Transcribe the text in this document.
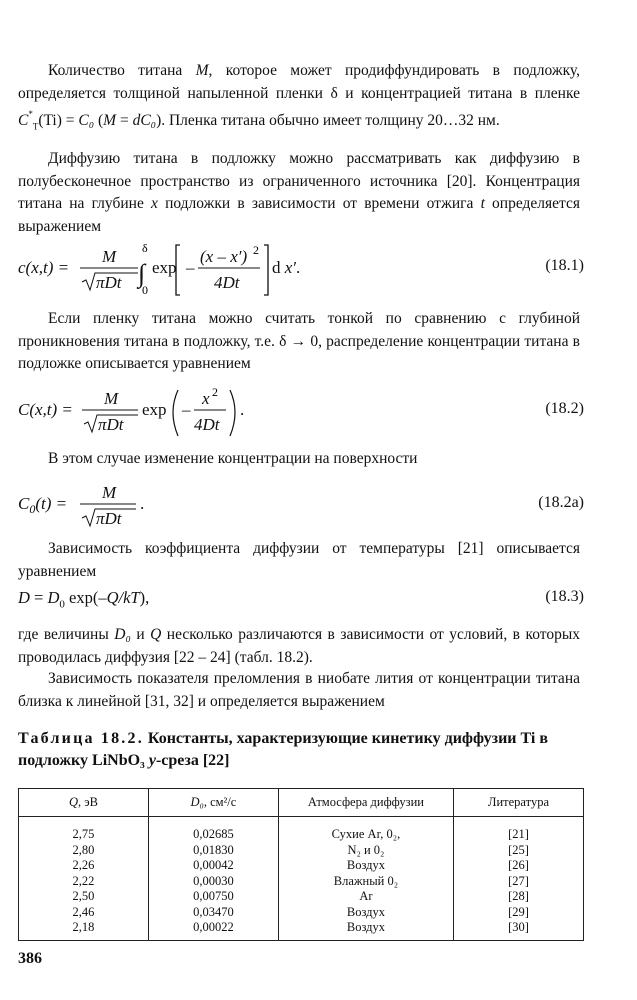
Количество титана M, которое может продиффундировать в подложку, определяется толщиной напыленной пленки δ и концентрацией титана в пленке $C^*_T(Ti) = C_0$ (M = dC₀). Пленка титана обычно имеет толщину 20…32 нм.

Диффузию титана в подложку можно рассматривать как диффузию в полубесконечное пространство из ограниченного источника [20]. Концентрация титана на глубине x подложки в зависимости от времени отжига t определяется выражением

c(x,t) =
M
πDt ∫
δ
0
exp –
(x – x′) 2
4Dt
d x′.	(18.1)

Если пленку титана можно считать тонкой по сравнению с глубиной проникновения титана в подложку, т.е. δ → 0, распределение концентрации титана в подложке описывается уравнением

C(x,t) =
M
πDt
exp –
x 2
4Dt
.	(18.2)

В этом случае изменение концентрации на поверхности

$C_0(t)$ =
M
πDt
.	(18.2a)

Зависимость коэффициента диффузии от температуры [21] описывается уравнением

$D = D_0$ exp(–Q/kT),	(18.3)

где величины D₀ и Q несколько различаются в зависимости от условий, в которых проводилась диффузия [22 – 24] (табл. 18.2).

Зависимость показателя преломления в ниобате лития от концентрации титана близка к линейной [31, 32] и определяется выражением

Таблица 18.2. Константы, характеризующие кинетику диффузии Ti в подложку LiNbO₃ y-среза [22]

Q, эВ	D₀, см²/с	Атмосфера диффузии	Литература
2,75	0,02685	Сухие Ar, 0₂,	[21]
2,80	0,01830	N₂ и 0₂	[25]
2,26	0,00042	Воздух	[26]
2,22	0,00030	Влажный 0₂	[27]
2,50	0,00750	Ar	[28]
2,46	0,03470	Воздух	[29]
2,18	0,00022	Воздух	[30]
386
